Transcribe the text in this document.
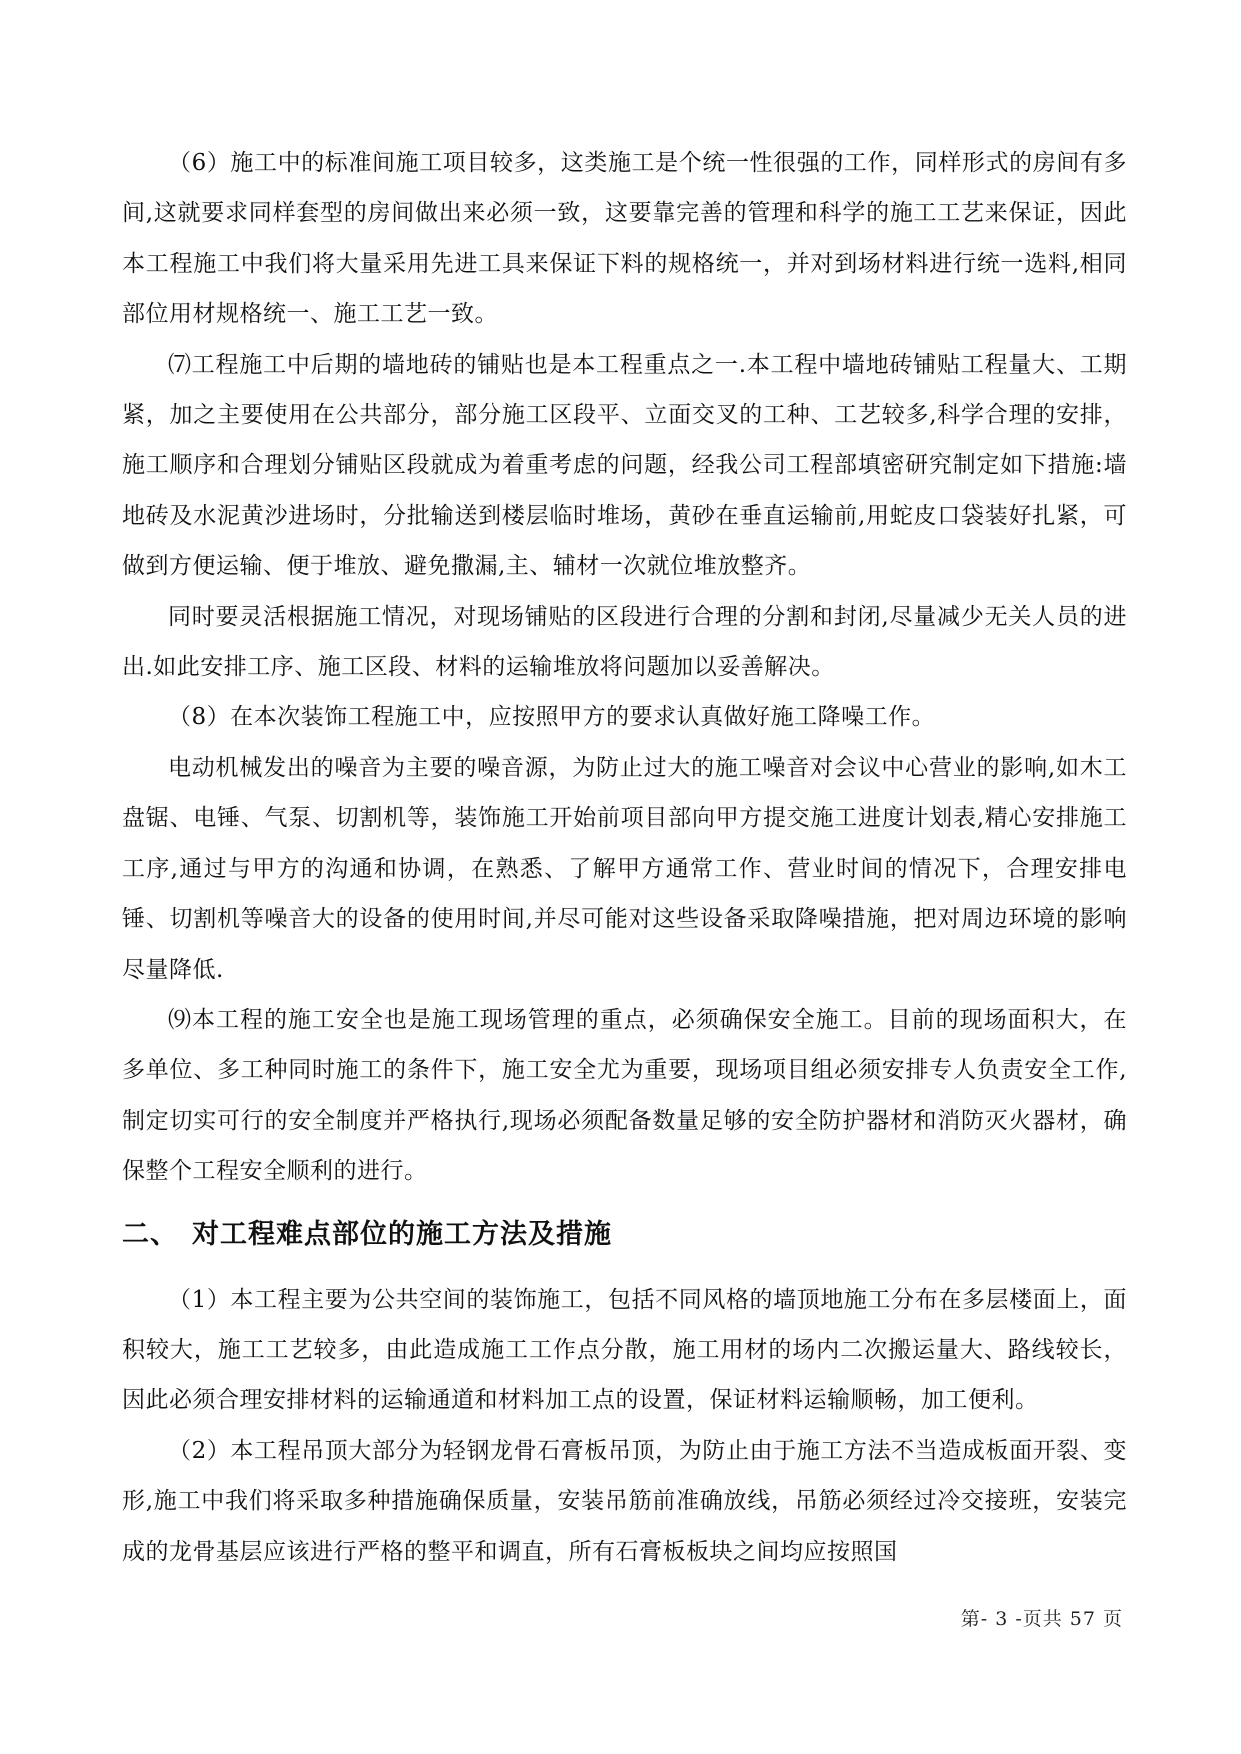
（6）施工中的标准间施工项目较多，这类施工是个统一性很强的工作，同样形式的房间有多间,这就要求同样套型的房间做出来必须一致，这要靠完善的管理和科学的施工工艺来保证，因此本工程施工中我们将大量采用先进工具来保证下料的规格统一，并对到场材料进行统一选料,相同部位用材规格统一、施工工艺一致。

⑺工程施工中后期的墙地砖的铺贴也是本工程重点之一.本工程中墙地砖铺贴工程量大、工期紧，加之主要使用在公共部分，部分施工区段平、立面交叉的工种、工艺较多,科学合理的安排，施工顺序和合理划分铺贴区段就成为着重考虑的问题，经我公司工程部填密研究制定如下措施:墙地砖及水泥黄沙进场时，分批输送到楼层临时堆场，黄砂在垂直运输前,用蛇皮口袋装好扎紧，可做到方便运输、便于堆放、避免撒漏,主、辅材一次就位堆放整齐。

同时要灵活根据施工情况，对现场铺贴的区段进行合理的分割和封闭,尽量减少无关人员的进出.如此安排工序、施工区段、材料的运输堆放将问题加以妥善解决。

（8）在本次装饰工程施工中，应按照甲方的要求认真做好施工降噪工作。

电动机械发出的噪音为主要的噪音源，为防止过大的施工噪音对会议中心营业的影响,如木工盘锯、电锤、气泵、切割机等，装饰施工开始前项目部向甲方提交施工进度计划表,精心安排施工工序,通过与甲方的沟通和协调，在熟悉、了解甲方通常工作、营业时间的情况下，合理安排电锤、切割机等噪音大的设备的使用时间,并尽可能对这些设备采取降噪措施，把对周边环境的影响尽量降低.

⑼本工程的施工安全也是施工现场管理的重点，必须确保安全施工。目前的现场面积大，在多单位、多工种同时施工的条件下，施工安全尤为重要，现场项目组必须安排专人负责安全工作,制定切实可行的安全制度并严格执行,现场必须配备数量足够的安全防护器材和消防灭火器材，确保整个工程安全顺利的进行。

二、 对工程难点部位的施工方法及措施

（1）本工程主要为公共空间的装饰施工，包括不同风格的墙顶地施工分布在多层楼面上，面积较大，施工工艺较多，由此造成施工工作点分散，施工用材的场内二次搬运量大、路线较长，因此必须合理安排材料的运输通道和材料加工点的设置，保证材料运输顺畅，加工便利。

（2）本工程吊顶大部分为轻钢龙骨石膏板吊顶，为防止由于施工方法不当造成板面开裂、变形,施工中我们将采取多种措施确保质量，安装吊筋前准确放线，吊筋必须经过冷交接班，安装完成的龙骨基层应该进行严格的整平和调直，所有石膏板板块之间均应按照国

第- 3 -页共 57 页
